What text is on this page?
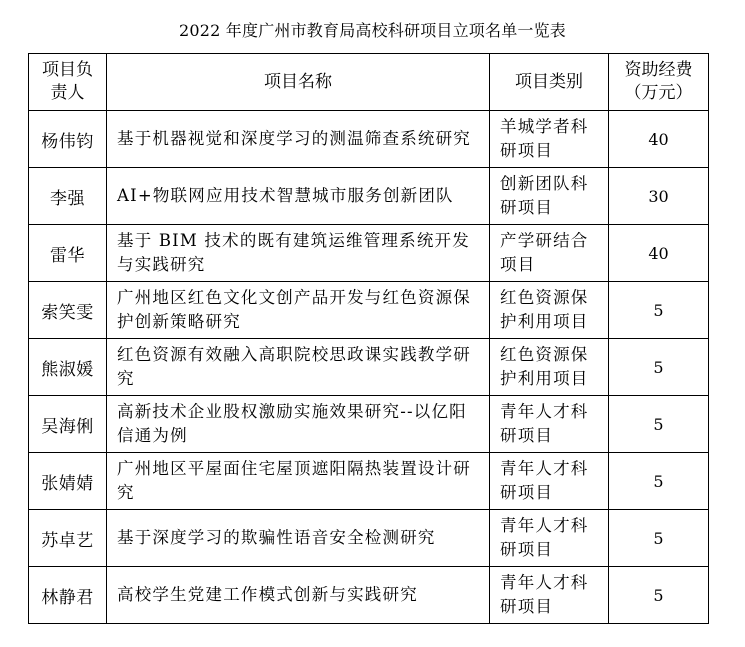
2022 年度广州市教育局高校科研项目立项名单一览表
项目负责人	项目名称	项目类别	资助经费（万元）
杨伟钧	基于机器视觉和深度学习的测温筛查系统研究	羊城学者科研项目	40
李强	AI+物联网应用技术智慧城市服务创新团队	创新团队科研项目	30
雷华	基于 BIM 技术的既有建筑运维管理系统开发与实践研究	产学研结合项目	40
索笑雯	广州地区红色文化文创产品开发与红色资源保护创新策略研究	红色资源保护利用项目	5
熊淑媛	红色资源有效融入高职院校思政课实践教学研究	红色资源保护利用项目	5
吴海俐	高新技术企业股权激励实施效果研究--以亿阳信通为例	青年人才科研项目	5
张婧婧	广州地区平屋面住宅屋顶遮阳隔热装置设计研究	青年人才科研项目	5
苏卓艺	基于深度学习的欺骗性语音安全检测研究	青年人才科研项目	5
林静君	高校学生党建工作模式创新与实践研究	青年人才科研项目	5
